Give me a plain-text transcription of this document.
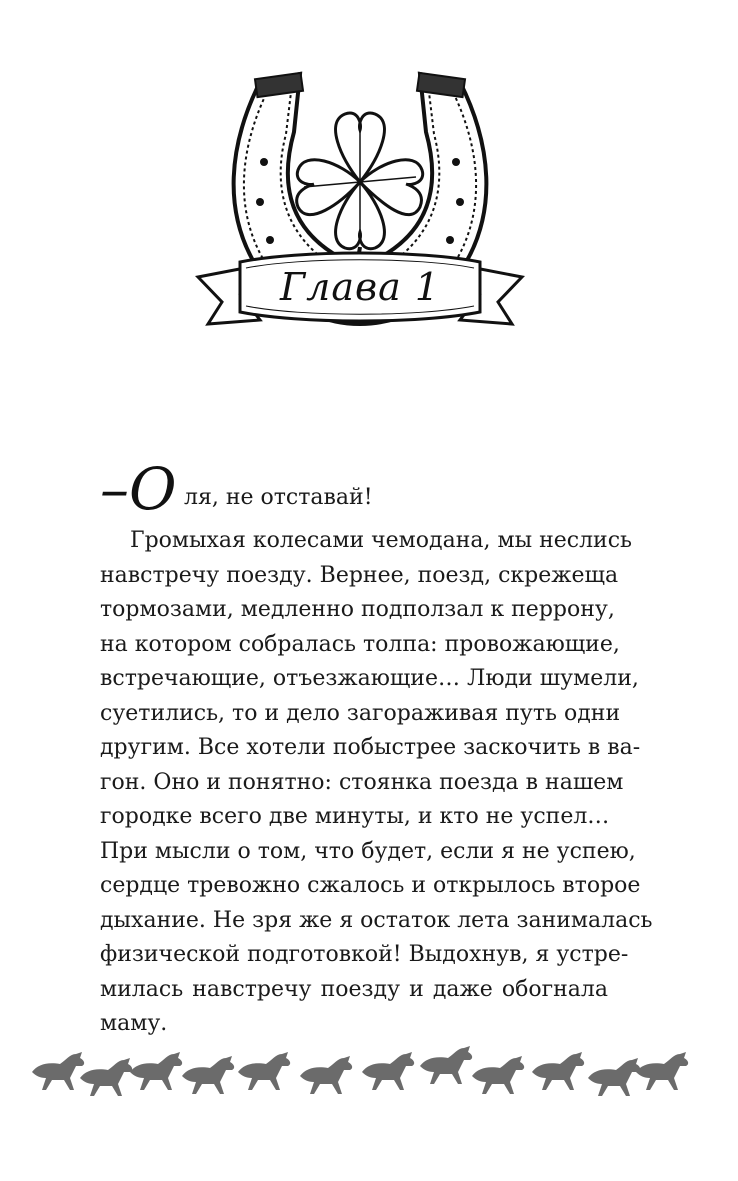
Глава 1
–О ля, не отставай!

Громыхая колесами чемодана, мы неслись
навстречу поезду. Вернее, поезд, скрежеща
тормозами, медленно подползал к перрону,
на котором собралась толпа: провожающие,
встречающие, отъезжающие… Люди шумели,
суетились, то и дело загораживая путь одни
другим. Все хотели побыстрее заскочить в ва-
гон. Оно и понятно: стоянка поезда в нашем
городке всего две минуты, и кто не успел…
При мысли о том, что будет, если я не успею,
сердце тревожно сжалось и открылось второе
дыхание. Не зря же я остаток лета занималась
физической подготовкой! Выдохнув, я устре-
милась навстречу поезду и даже обогнала
маму.
